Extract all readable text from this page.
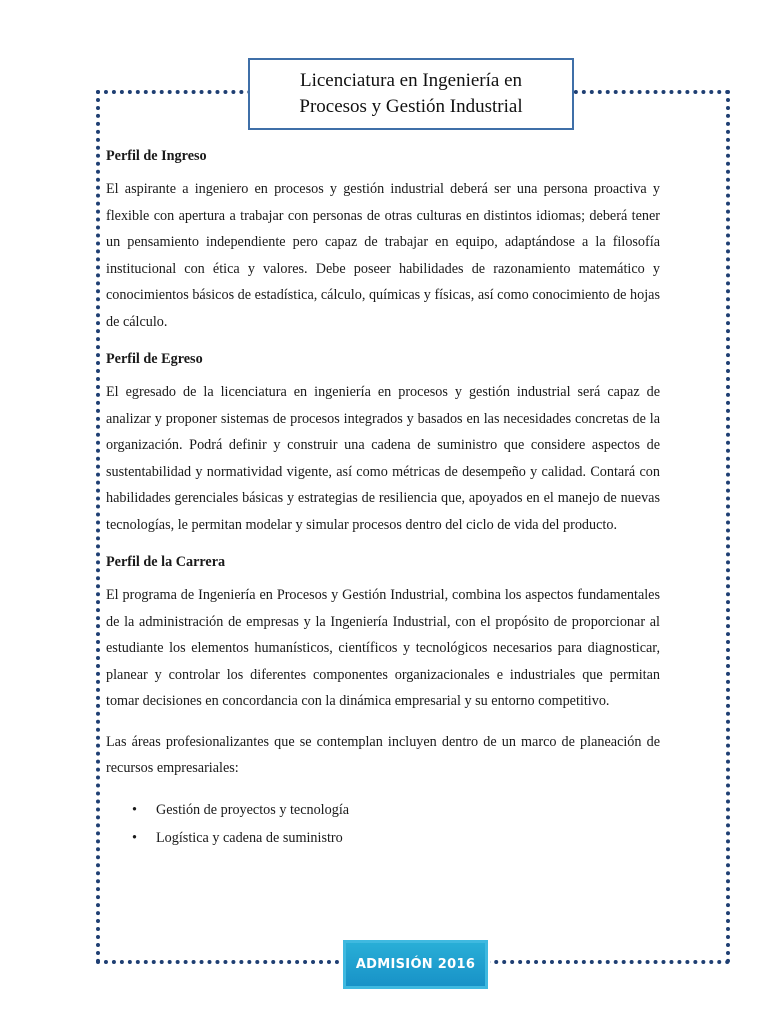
Licenciatura en Ingeniería en
Procesos y Gestión Industrial
Perfil de Ingreso
El aspirante a ingeniero en procesos y gestión industrial deberá ser una persona proactiva y flexible con apertura a trabajar con personas de otras culturas en distintos idiomas; deberá tener un pensamiento independiente pero capaz de trabajar en equipo, adaptándose a la filosofía institucional con ética y valores. Debe poseer habilidades de razonamiento matemático y conocimientos básicos de estadística, cálculo, químicas y físicas, así como conocimiento de hojas de cálculo.
Perfil de Egreso
El egresado de la licenciatura en ingeniería en procesos y gestión industrial será capaz de analizar y proponer sistemas de procesos integrados y basados en las necesidades concretas de la organización. Podrá definir y construir una cadena de suministro que considere aspectos de sustentabilidad y normatividad vigente, así como métricas de desempeño y calidad. Contará con habilidades gerenciales básicas y estrategias de resiliencia que, apoyados en el manejo de nuevas tecnologías, le permitan modelar y simular procesos dentro del ciclo de vida del producto.
Perfil de la Carrera
El programa de Ingeniería en Procesos y Gestión Industrial, combina los aspectos fundamentales de la administración de empresas y la Ingeniería Industrial, con el propósito de proporcionar al estudiante los elementos humanísticos, científicos y tecnológicos necesarios para diagnosticar, planear y controlar los diferentes componentes organizacionales e industriales que permitan tomar decisiones en concordancia con la dinámica empresarial y su entorno competitivo.
Las áreas profesionalizantes que se contemplan incluyen dentro de un marco de planeación de recursos empresariales:
• Gestión de proyectos y tecnología
• Logística y cadena de suministro
ADMISIÓN 2016
